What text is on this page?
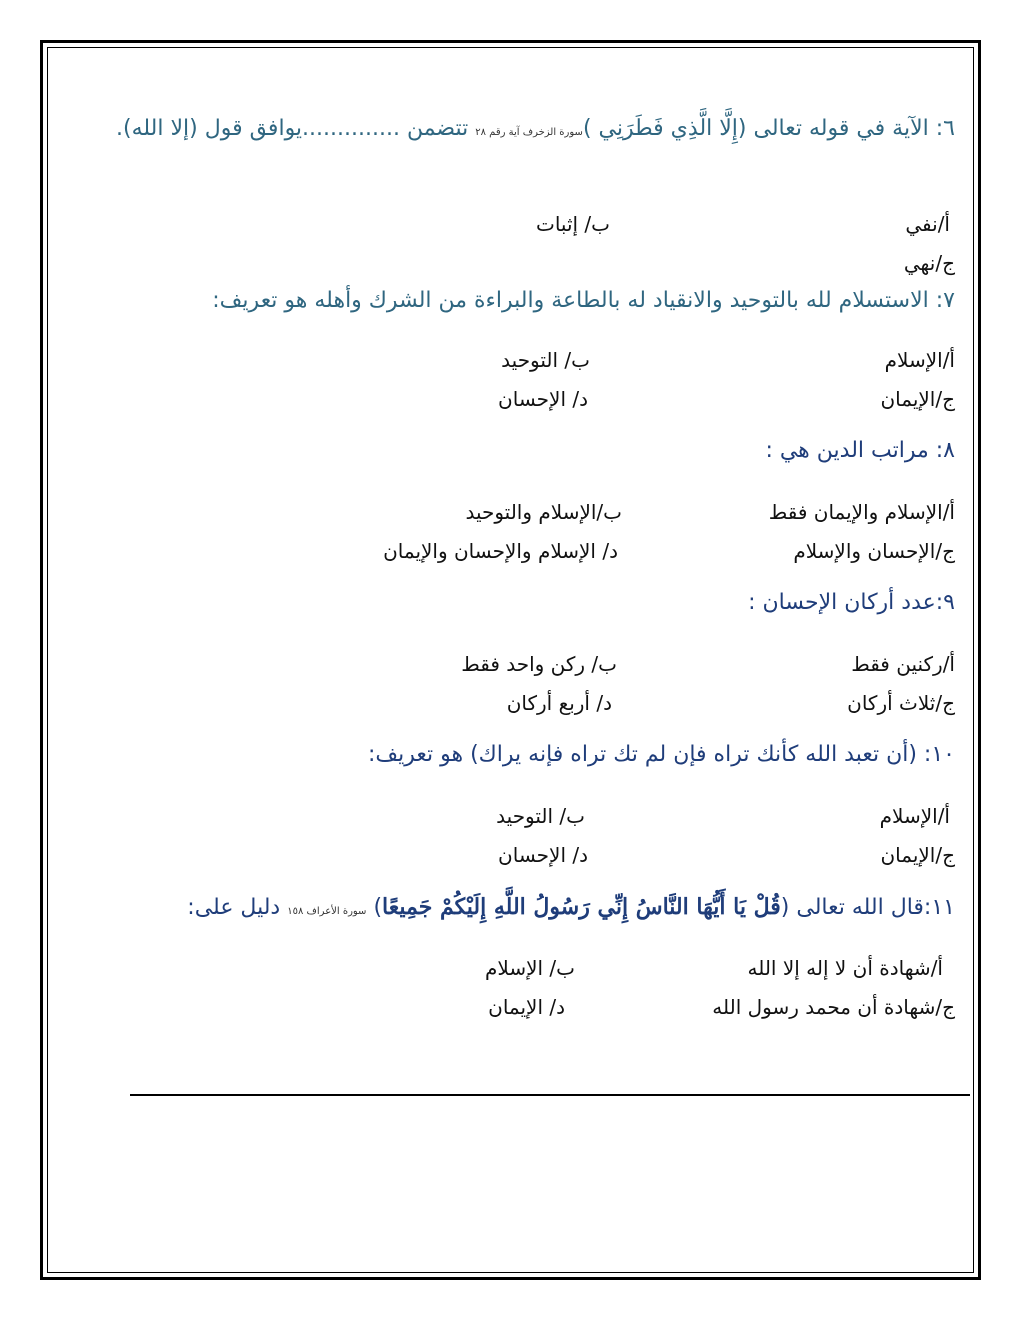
٦: الآية في قوله تعالى (إِلَّا الَّذِي فَطَرَنِي )سورة الزخرف آية رقم ٢٨ تتضمن ..............يوافق قول (إلا الله).

أ/نفي
ب/ إثبات
ج/نهي

٧: الاستسلام لله بالتوحيد والانقياد له بالطاعة والبراءة من الشرك وأهله هو تعريف:

أ/الإسلام
ب/ التوحيد
ج/الإيمان
د/ الإحسان

٨: مراتب الدين هي :

أ/الإسلام والإيمان فقط
ب/الإسلام والتوحيد
ج/الإحسان والإسلام
د/ الإسلام والإحسان والإيمان

٩:عدد أركان الإحسان :

أ/ركنين فقط
ب/ ركن واحد فقط
ج/ثلاث أركان
د/ أربع أركان

١٠: (أن تعبد الله كأنك تراه فإن لم تك تراه فإنه يراك) هو تعريف:

أ/الإسلام
ب/ التوحيد
ج/الإيمان
د/ الإحسان

١١:قال الله تعالى (قُلْ يَا أَيُّهَا النَّاسُ إِنِّي رَسُولُ اللَّهِ إِلَيْكُمْ جَمِيعًا) سورة الأعراف ١٥٨ دليل على:

أ/شهادة أن لا إله إلا الله
ب/ الإسلام
ج/شهادة أن محمد رسول الله
د/ الإيمان
